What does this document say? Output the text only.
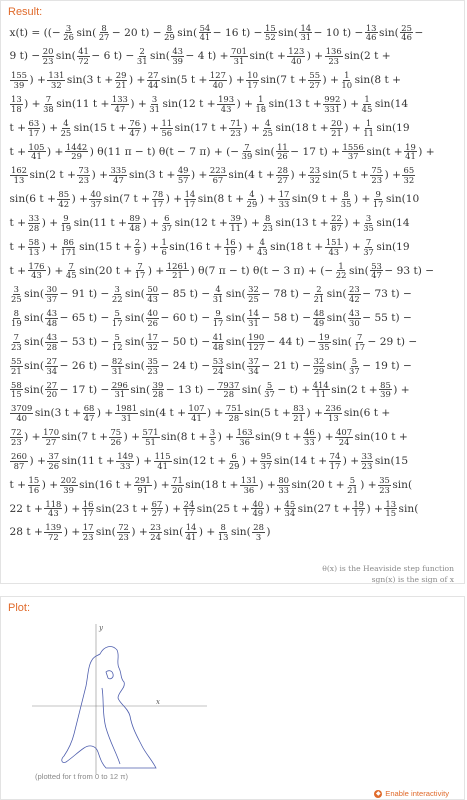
Result:
x(t) = ((− $\frac{3}{26} \sin( \frac{8}{27} - 20$ $t) - \frac{8}{29} \sin( \frac{54}{41} - 16$ $t) - \frac{15}{52} \sin( \frac{14}{31} - 10$ $t) - \frac{13}{46} \sin( \frac{25}{46}$ −
9 $t) - \frac{20}{23} \sin( \frac{41}{72} - 6$ $t) - \frac{2}{31} \sin( \frac{43}{39} - 4$ $t) + \frac{701}{31} \sin(t + \frac{123}{40}$ ) + $\frac{136}{23} \sin(2$ t +
$\frac{155}{39}$ ) + $\frac{131}{32} \sin(3$ $t + \frac{29}{21}$ ) + $\frac{27}{44} \sin(5$ $t + \frac{127}{40}$ ) + $\frac{10}{17} \sin(7$ $t + \frac{55}{27}$ ) + $\frac{1}{10} \sin(8$ t +
$\frac{13}{18}$ ) + $\frac{7}{38} \sin(11$ $t + \frac{133}{47}$ ) + $\frac{3}{31} \sin(12$ $t + \frac{193}{43}$ ) + $\frac{1}{18} \sin(13$ $t + \frac{992}{331}$ ) + $\frac{1}{45} \sin(14$
$t + \frac{63}{17}$ ) + $\frac{4}{25} \sin(15$ $t + \frac{76}{47}$ ) + $\frac{11}{56} \sin(17$ $t + \frac{71}{23}$ ) + $\frac{4}{25} \sin(18$ $t + \frac{20}{21}$ ) + $\frac{1}{11} \sin(19$
$t + \frac{105}{41}$ ) + $\frac{1442}{29}$ ) θ(11 π − t) θ(t − 7 π) + (− $\frac{7}{39} \sin( \frac{11}{26} - 17$ $t) + \frac{1556}{37} \sin(t + \frac{19}{41}$ ) +
$\frac{162}{13} \sin(2$ $t + \frac{73}{23}$ ) + $\frac{335}{47} \sin(3$ $t + \frac{49}{57}$ ) + $\frac{223}{67} \sin(4$ $t + \frac{28}{27}$ ) + $\frac{23}{32} \sin(5$ $t + \frac{75}{23}$ ) + $\frac{65}{32}$
sin(6 $t + \frac{85}{42}$ ) + $\frac{40}{37} \sin(7$ $t + \frac{78}{17}$ ) + $\frac{14}{17} \sin(8$ $t + \frac{4}{29}$ ) + $\frac{17}{33} \sin(9$ $t + \frac{8}{35}$ ) + $\frac{9}{17} \sin(10$
$t + \frac{33}{28}$ ) + $\frac{9}{19} \sin(11$ $t + \frac{89}{48}$ ) + $\frac{6}{37} \sin(12$ $t + \frac{39}{11}$ ) + $\frac{8}{23} \sin(13$ $t + \frac{22}{87}$ ) + $\frac{3}{35} \sin(14$
$t + \frac{58}{13}$ ) + $\frac{86}{171} \sin(15$ $t + \frac{2}{9}$ ) + $\frac{1}{6} \sin(16$ $t + \frac{16}{19}$ ) + $\frac{4}{43} \sin(18$ $t + \frac{151}{43}$ ) + $\frac{7}{37} \sin(19$
$t + \frac{176}{43}$ ) + $\frac{7}{45} \sin(20$ $t + \frac{7}{17}$ ) + $\frac{1261}{21}$ ) θ(7 π − t) θ(t − 3 π) + (− $\frac{1}{22} \sin( \frac{53}{47} - 93$ t) −
$\frac{3}{25} \sin( \frac{30}{37} - 91$ $t) - \frac{3}{22} \sin( \frac{50}{43} - 85$ $t) - \frac{4}{31} \sin( \frac{32}{25} - 78$ $t) - \frac{2}{21} \sin( \frac{23}{42} - 73$ t) −
$\frac{8}{19} \sin( \frac{43}{48} - 65$ $t) - \frac{5}{17} \sin( \frac{40}{26} - 60$ $t) - \frac{9}{17} \sin( \frac{14}{31} - 58$ $t) - \frac{48}{49} \sin( \frac{43}{30} - 55$ t) −
$\frac{7}{23} \sin( \frac{43}{28} - 53$ $t) - \frac{5}{12} \sin( \frac{17}{32} - 50$ $t) - \frac{41}{48} \sin( \frac{190}{127} - 44$ $t) - \frac{19}{35} \sin( \frac{7}{17} - 29$ t) −
$\frac{55}{21} \sin( \frac{27}{34} - 26$ $t) - \frac{82}{31} \sin( \frac{35}{23} - 24$ $t) - \frac{53}{24} \sin( \frac{37}{34} - 21$ $t) - \frac{32}{29} \sin( \frac{5}{37} - 19$ t) −
$\frac{58}{15} \sin( \frac{27}{20} - 17$ $t) - \frac{296}{31} \sin( \frac{39}{28} - 13$ $t) - \frac{7937}{28} \sin( \frac{5}{37} - t) + \frac{414}{11} \sin(2$ $t + \frac{85}{39}$ ) +
$\frac{3709}{40} \sin(3$ $t + \frac{68}{47}$ ) + $\frac{1981}{31} \sin(4$ $t + \frac{107}{41}$ ) + $\frac{751}{28} \sin(5$ $t + \frac{83}{21}$ ) + $\frac{236}{13} \sin(6$ t +
$\frac{72}{23}$ ) + $\frac{170}{27} \sin(7$ $t + \frac{75}{26}$ ) + $\frac{571}{51} \sin(8$ $t + \frac{3}{5}$ ) + $\frac{163}{36} \sin(9$ $t + \frac{46}{33}$ ) + $\frac{407}{24} \sin(10$ t +
$\frac{260}{87}$ ) + $\frac{37}{26} \sin(11$ $t + \frac{149}{33}$ ) + $\frac{115}{41} \sin(12$ $t + \frac{6}{29}$ ) + $\frac{95}{37} \sin(14$ $t + \frac{74}{17}$ ) + $\frac{33}{23} \sin(15$
$t + \frac{15}{16}$ ) + $\frac{202}{39} \sin(16$ $t + \frac{291}{91}$ ) + $\frac{71}{20} \sin(18$ $t + \frac{131}{36}$ ) + $\frac{80}{33} \sin(20$ $t + \frac{5}{21}$ ) + $\frac{35}{23} \sin$(
22 $t + \frac{118}{43}$ ) + $\frac{16}{17} \sin(23$ $t + \frac{67}{27}$ ) + $\frac{24}{17} \sin(25$ $t + \frac{40}{49}$ ) + $\frac{45}{34} \sin(27$ $t + \frac{19}{17}$ ) + $\frac{13}{15} \sin$(
28 $t + \frac{139}{72}$ ) + $\frac{17}{23} \sin( \frac{72}{23}$ ) + $\frac{23}{24} \sin( \frac{14}{41}$ ) + $\frac{8}{13} \sin( \frac{28}{3}$ )
θ(x) is the Heaviside step function
sgn(x) is the sign of x
Plot:
x
y
(plotted for t from 0 to 12 π)
◆ Enable interactivity
